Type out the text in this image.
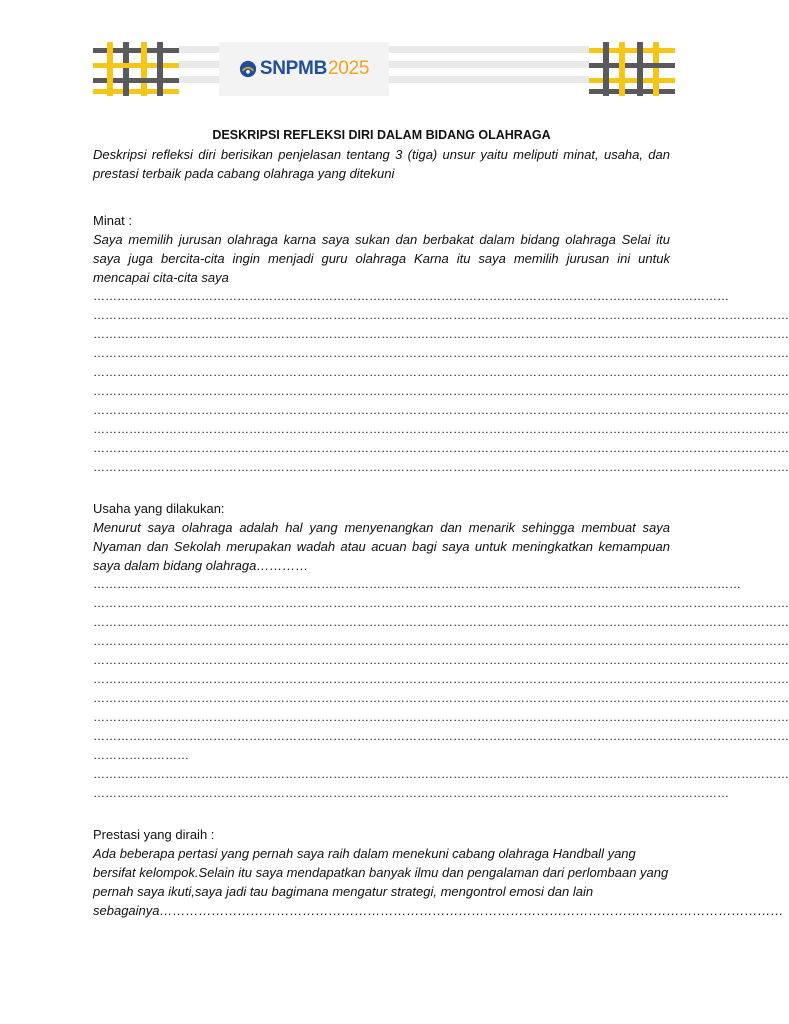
SNPMB 2025

DESKRIPSI REFLEKSI DIRI DALAM BIDANG OLAHRAGA

Deskripsi refleksi diri berisikan penjelasan tentang 3 (tiga) unsur yaitu meliputi minat, usaha, dan prestasi terbaik pada cabang olahraga yang ditekuni

Minat :

Saya memilih jurusan olahraga karna saya sukan dan berbakat dalam bidang olahraga Selai itu saya juga bercita-cita ingin menjadi guru olahraga Karna itu saya memilih jurusan ini untuk mencapai cita-cita saya

……………………………………………………………………………………………………………………………………………

…………………………………………………………………………………………………………………………………………………………

…………………………………………………………………………………………………………………………………………………………

…………………………………………………………………………………………………………………………………………………………

…………………………………………………………………………………………………………………………………………………………

…………………………………………………………………………………………………………………………………………………………

…………………………………………………………………………………………………………………………………………………………

…………………………………………………………………………………………………………………………………………………………

…………………………………………………………………………………………………………………………………………………………

…………………………………………………………………………………………………………………………………………………………

Usaha yang dilakukan:

Menurut saya olahraga adalah hal yang menyenangkan dan menarik sehingga membuat saya Nyaman dan Sekolah merupakan wadah atau acuan bagi saya untuk meningkatkan kemampuan saya dalam bidang olahraga…………

………………………………………………………………………………………………………………………………………………

…………………………………………………………………………………………………………………………………………………………

…………………………………………………………………………………………………………………………………………………………

…………………………………………………………………………………………………………………………………………………………

…………………………………………………………………………………………………………………………………………………………

…………………………………………………………………………………………………………………………………………………………

…………………………………………………………………………………………………………………………………………………………

…………………………………………………………………………………………………………………………………………………………

…………………………………………………………………………………………………………………………………………………………

……………………

…………………………………………………………………………………………………………………………………………………………

……………………………………………………………………………………………………………………………………………

Prestasi yang diraih :

Ada beberapa pertasi yang pernah saya raih dalam menekuni cabang olahraga Handball yang bersifat kelompok.Selain itu saya mendapatkan banyak ilmu dan pengalaman dari perlombaan yang pernah saya ikuti,saya jadi tau bagimana mengatur strategi, mengontrol emosi dan lain sebagainya………………………………………………………………………………………………………………………………
